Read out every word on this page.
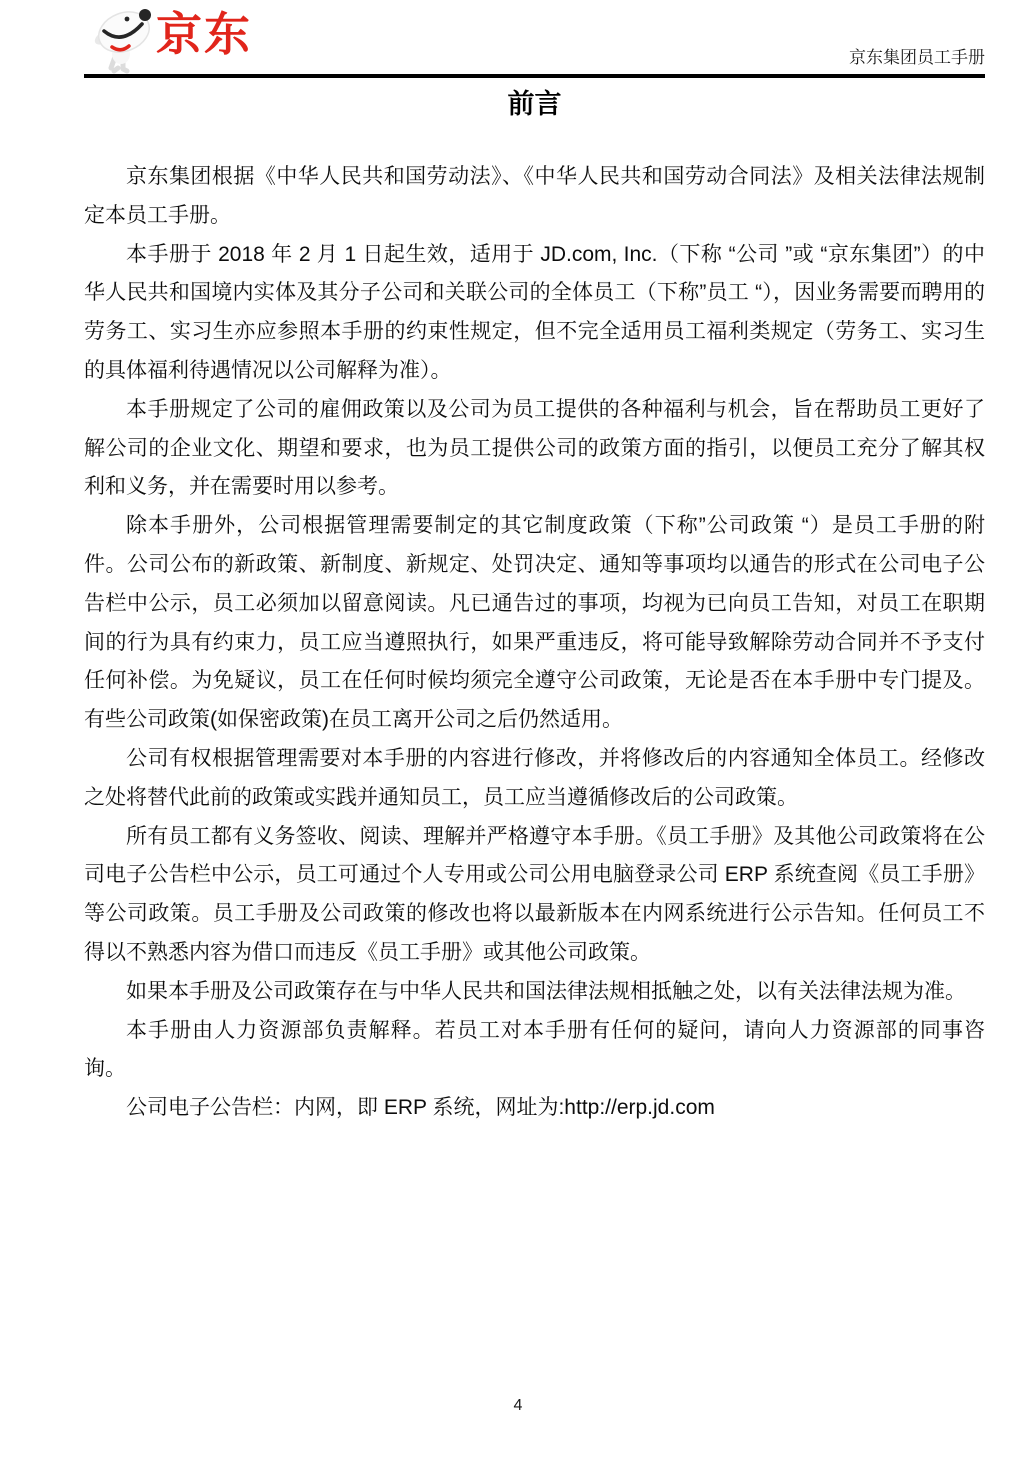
京东	京东集团员工手册
前言

京东集团根据《中华人民共和国劳动法》、《中华人民共和国劳动合同法》及相关法律法规制定本员工手册。

本手册于 2018 年 2 月 1 日起生效，适用于 JD.com, Inc.（下称 “公司 ”或 “京东集团”）的中华人民共和国境内实体及其分子公司和关联公司的全体员工（下称”员工 “），因业务需要而聘用的劳务工、实习生亦应参照本手册的约束性规定，但不完全适用员工福利类规定（劳务工、实习生的具体福利待遇情况以公司解释为准）。

本手册规定了公司的雇佣政策以及公司为员工提供的各种福利与机会，旨在帮助员工更好了解公司的企业文化、期望和要求，也为员工提供公司的政策方面的指引，以便员工充分了解其权利和义务，并在需要时用以参考。

除本手册外，公司根据管理需要制定的其它制度政策（下称”公司政策 “）是员工手册的附件。公司公布的新政策、新制度、新规定、处罚决定、通知等事项均以通告的形式在公司电子公告栏中公示，员工必须加以留意阅读。凡已通告过的事项，均视为已向员工告知，对员工在职期间的行为具有约束力，员工应当遵照执行，如果严重违反，将可能导致解除劳动合同并不予支付任何补偿。为免疑议，员工在任何时候均须完全遵守公司政策，无论是否在本手册中专门提及。有些公司政策(如保密政策)在员工离开公司之后仍然适用。

公司有权根据管理需要对本手册的内容进行修改，并将修改后的内容通知全体员工。经修改之处将替代此前的政策或实践并通知员工，员工应当遵循修改后的公司政策。

所有员工都有义务签收、阅读、理解并严格遵守本手册。《员工手册》及其他公司政策将在公司电子公告栏中公示，员工可通过个人专用或公司公用电脑登录公司 ERP 系统查阅《员工手册》等公司政策。员工手册及公司政策的修改也将以最新版本在内网系统进行公示告知。任何员工不得以不熟悉内容为借口而违反《员工手册》或其他公司政策。

如果本手册及公司政策存在与中华人民共和国法律法规相抵触之处，以有关法律法规为准。

本手册由人力资源部负责解释。若员工对本手册有任何的疑问，请向人力资源部的同事咨询。

公司电子公告栏：内网，即 ERP 系统，网址为:http://erp.jd.com

4
